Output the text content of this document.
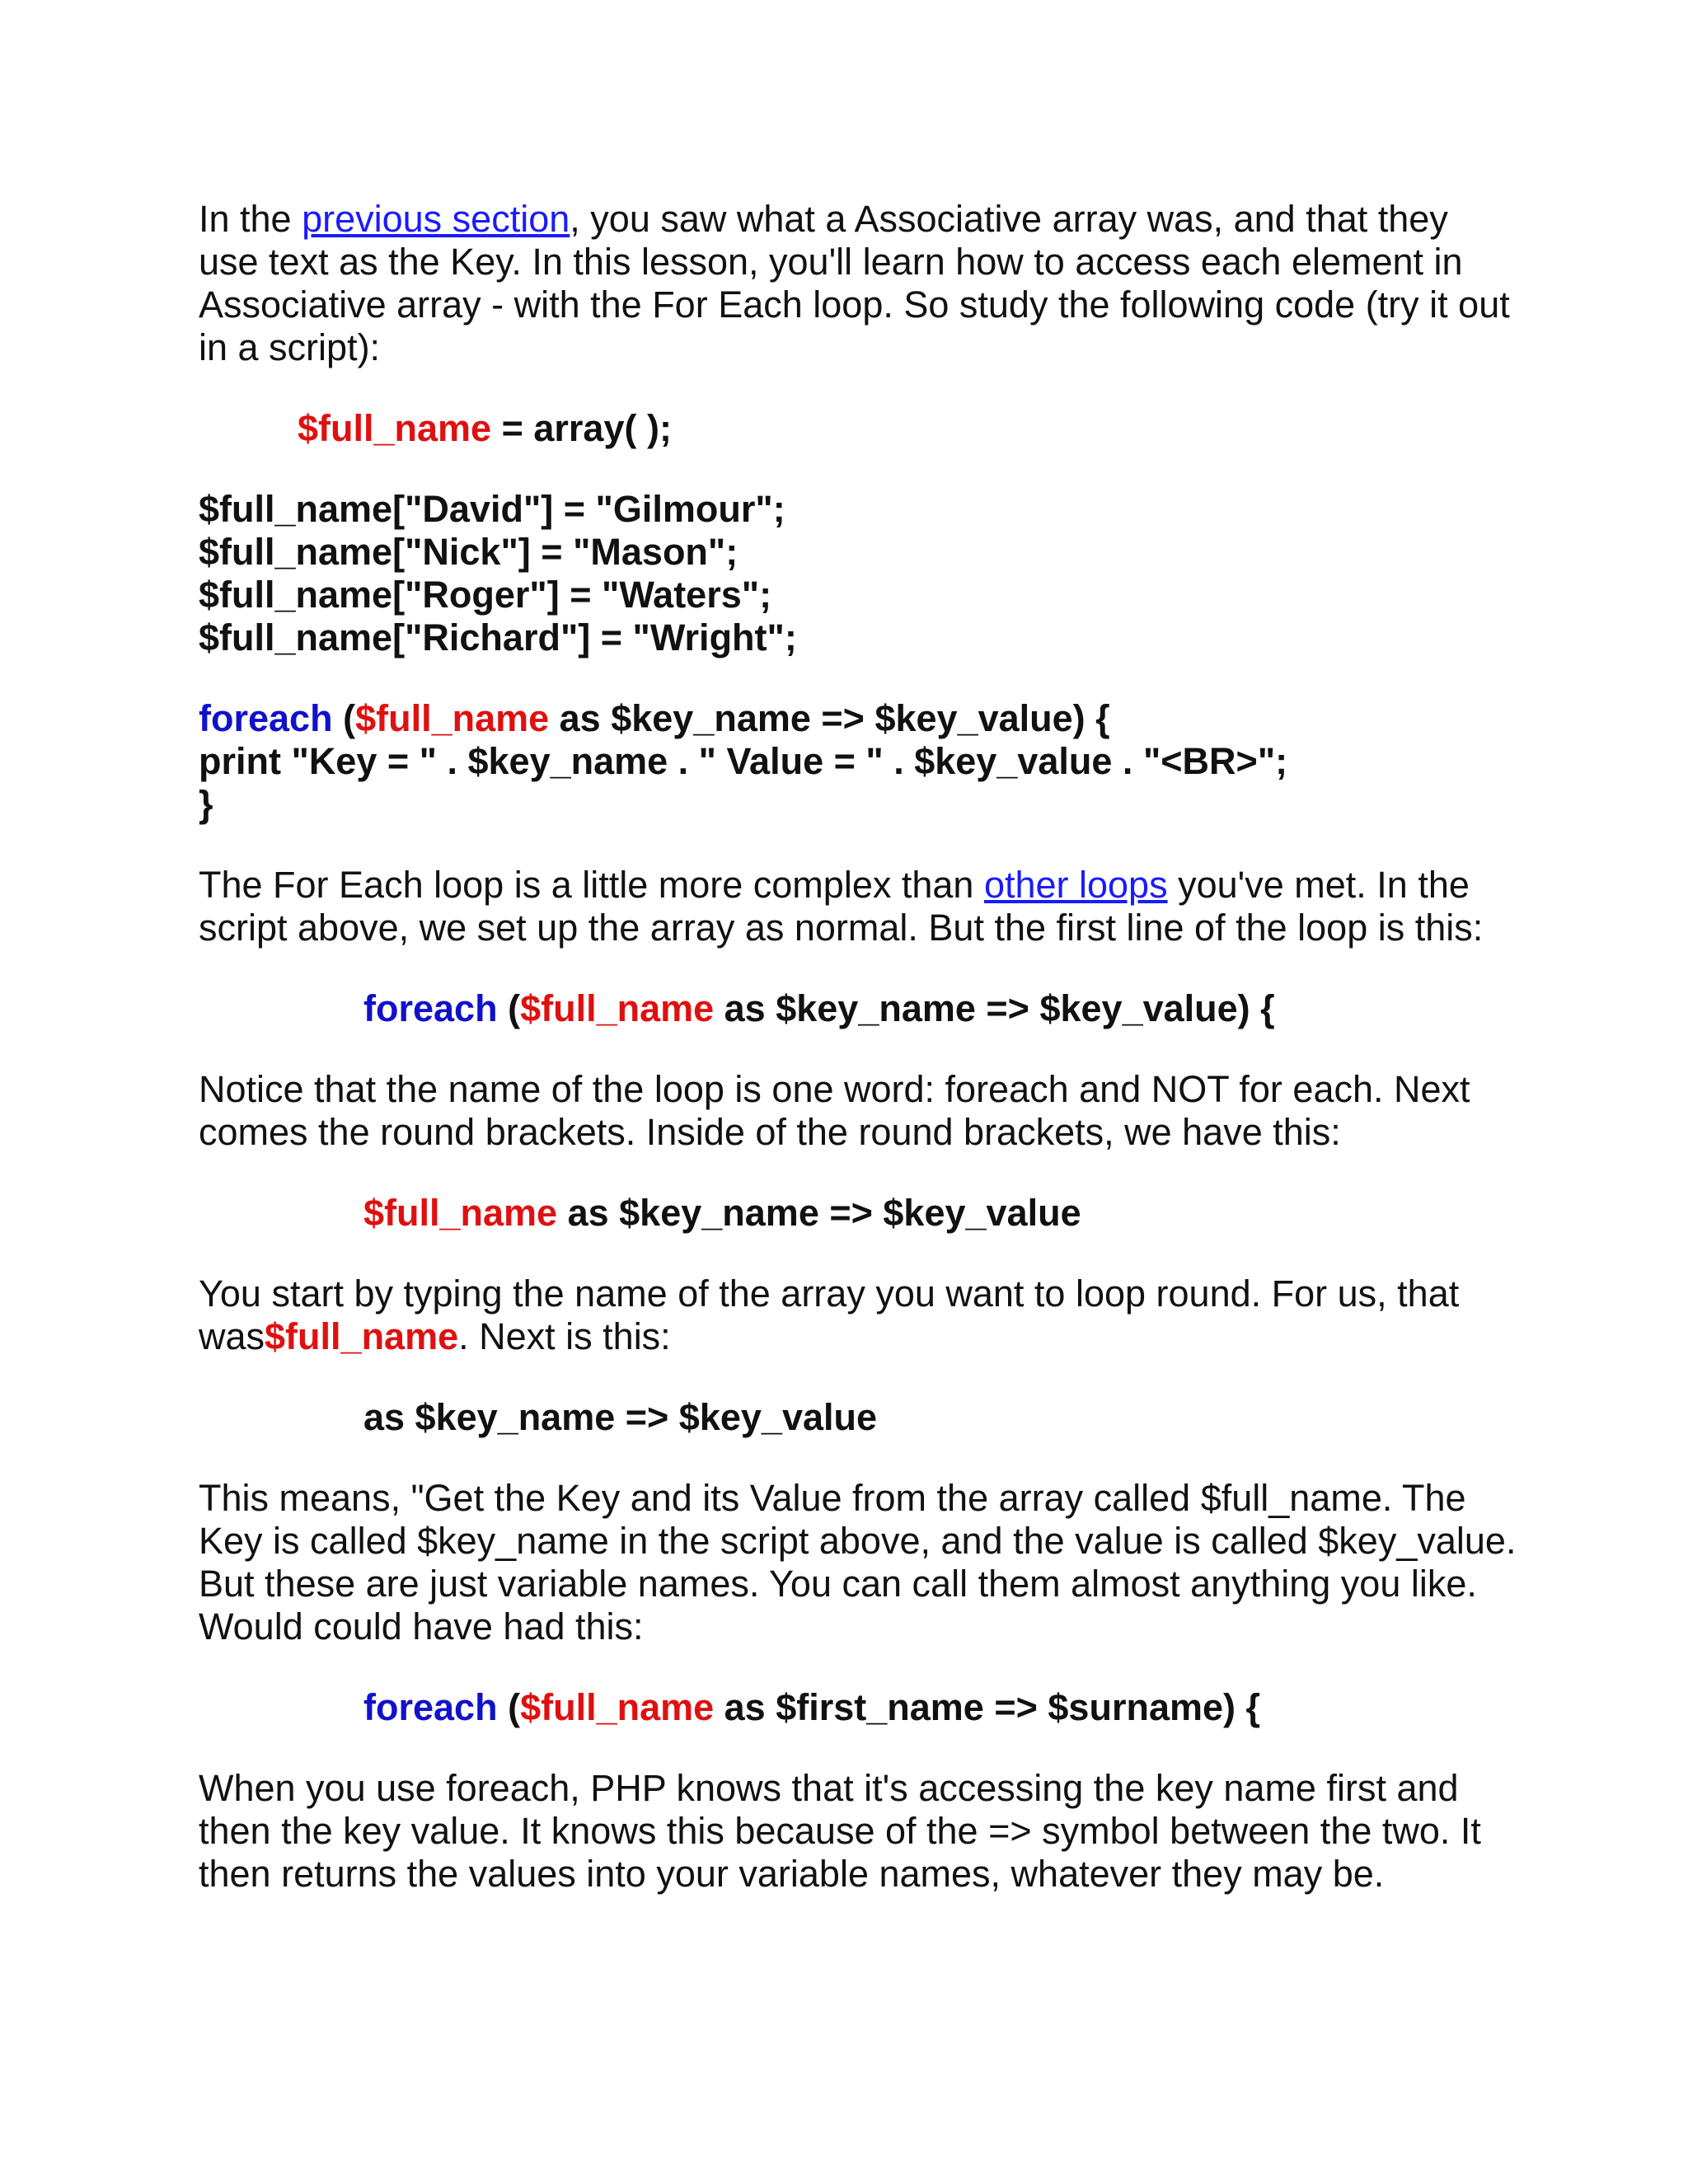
In the previous section, you saw what a Associative array was, and that they use text as the Key. In this lesson, you'll learn how to access each element in Associative array - with the For Each loop. So study the following code (try it out in a script):

$full_name = array( );
$full_name["David"] = "Gilmour";
$full_name["Nick"] = "Mason";
$full_name["Roger"] = "Waters";
$full_name["Richard"] = "Wright";
foreach ($full_name as $key_name => $key_value) {
print "Key = " . $key_name . " Value = " . $key_value . "<BR>";
}

The For Each loop is a little more complex than other loops you've met. In the script above, we set up the array as normal. But the first line of the loop is this:

foreach ($full_name as $key_name => $key_value) {

Notice that the name of the loop is one word: foreach and NOT for each. Next comes the round brackets. Inside of the round brackets, we have this:

$full_name as $key_name => $key_value

You start by typing the name of the array you want to loop round. For us, that was$full_name. Next is this:

as $key_name => $key_value

This means, "Get the Key and its Value from the array called $full_name. The Key is called $key_name in the script above, and the value is called $key_value. But these are just variable names. You can call them almost anything you like. Would could have had this:

foreach ($full_name as $first_name => $surname) {

When you use foreach, PHP knows that it's accessing the key name first and then the key value. It knows this because of the => symbol between the two. It then returns the values into your variable names, whatever they may be.
